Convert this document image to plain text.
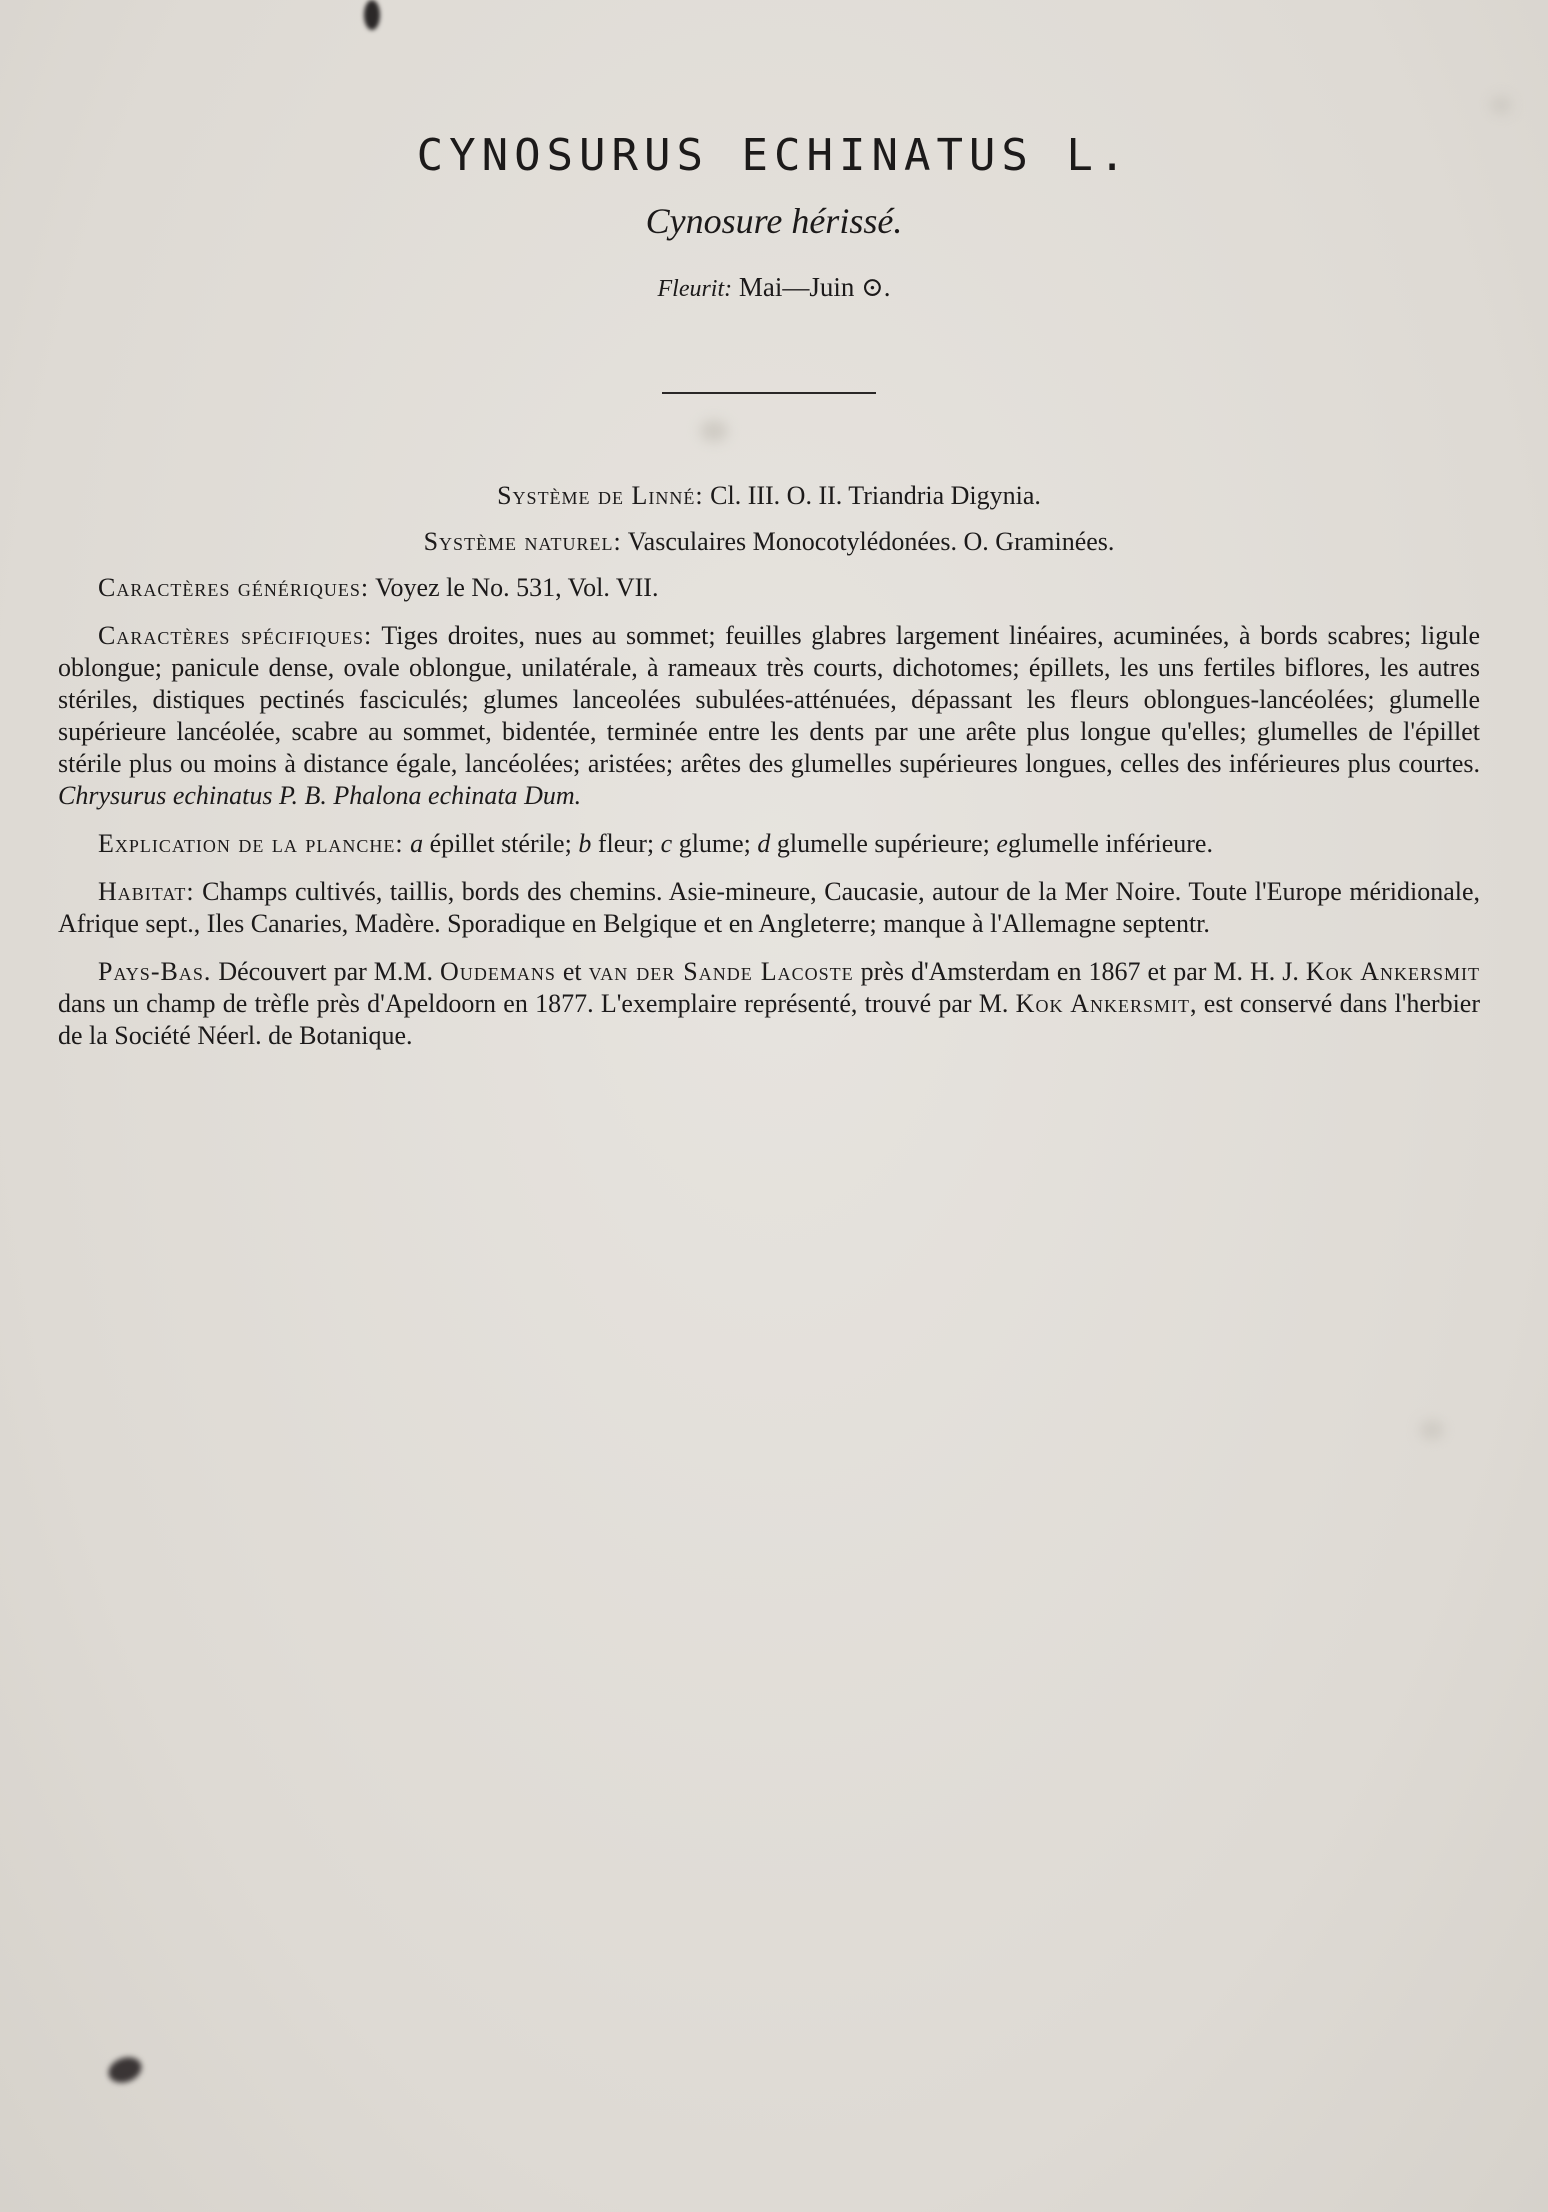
CYNOSURUS ECHINATUS L.
Cynosure hérissé.
Fleurit: Mai—Juin ⊙.

Système de Linné: Cl. III. O. II. Triandria Digynia.

Système naturel: Vasculaires Monocotylédonées. O. Graminées.

Caractères génériques: Voyez le No. 531, Vol. VII.

Caractères spécifiques: Tiges droites, nues au sommet; feuilles glabres largement linéaires, acuminées, à bords scabres; ligule oblongue; panicule dense, ovale oblongue, unilatérale, à rameaux très courts, dichotomes; épillets, les uns fertiles biflores, les autres stériles, distiques pectinés fasciculés; glumes lanceolées subulées-atténuées, dépassant les fleurs oblongues-lancéolées; glumelle supérieure lancéolée, scabre au sommet, bidentée, terminée entre les dents par une arête plus longue qu'elles; glumelles de l'épillet stérile plus ou moins à distance égale, lancéolées; aristées; arêtes des glumelles supérieures longues, celles des inférieures plus courtes. Chrysurus echinatus P. B. Phalona echinata Dum.

Explication de la planche: a épillet stérile; b fleur; c glume; d glumelle supérieure; eglumelle inférieure.

Habitat: Champs cultivés, taillis, bords des chemins. Asie-mineure, Caucasie, autour de la Mer Noire. Toute l'Europe méridionale, Afrique sept., Iles Canaries, Madère. Sporadique en Belgique et en Angleterre; manque à l'Allemagne septentr.

Pays-Bas. Découvert par M.M. Oudemans et van der Sande Lacoste près d'Amsterdam en 1867 et par M. H. J. Kok Ankersmit dans un champ de trèfle près d'Apeldoorn en 1877. L'exemplaire représenté, trouvé par M. Kok Ankersmit, est conservé dans l'herbier de la Société Néerl. de Botanique.
